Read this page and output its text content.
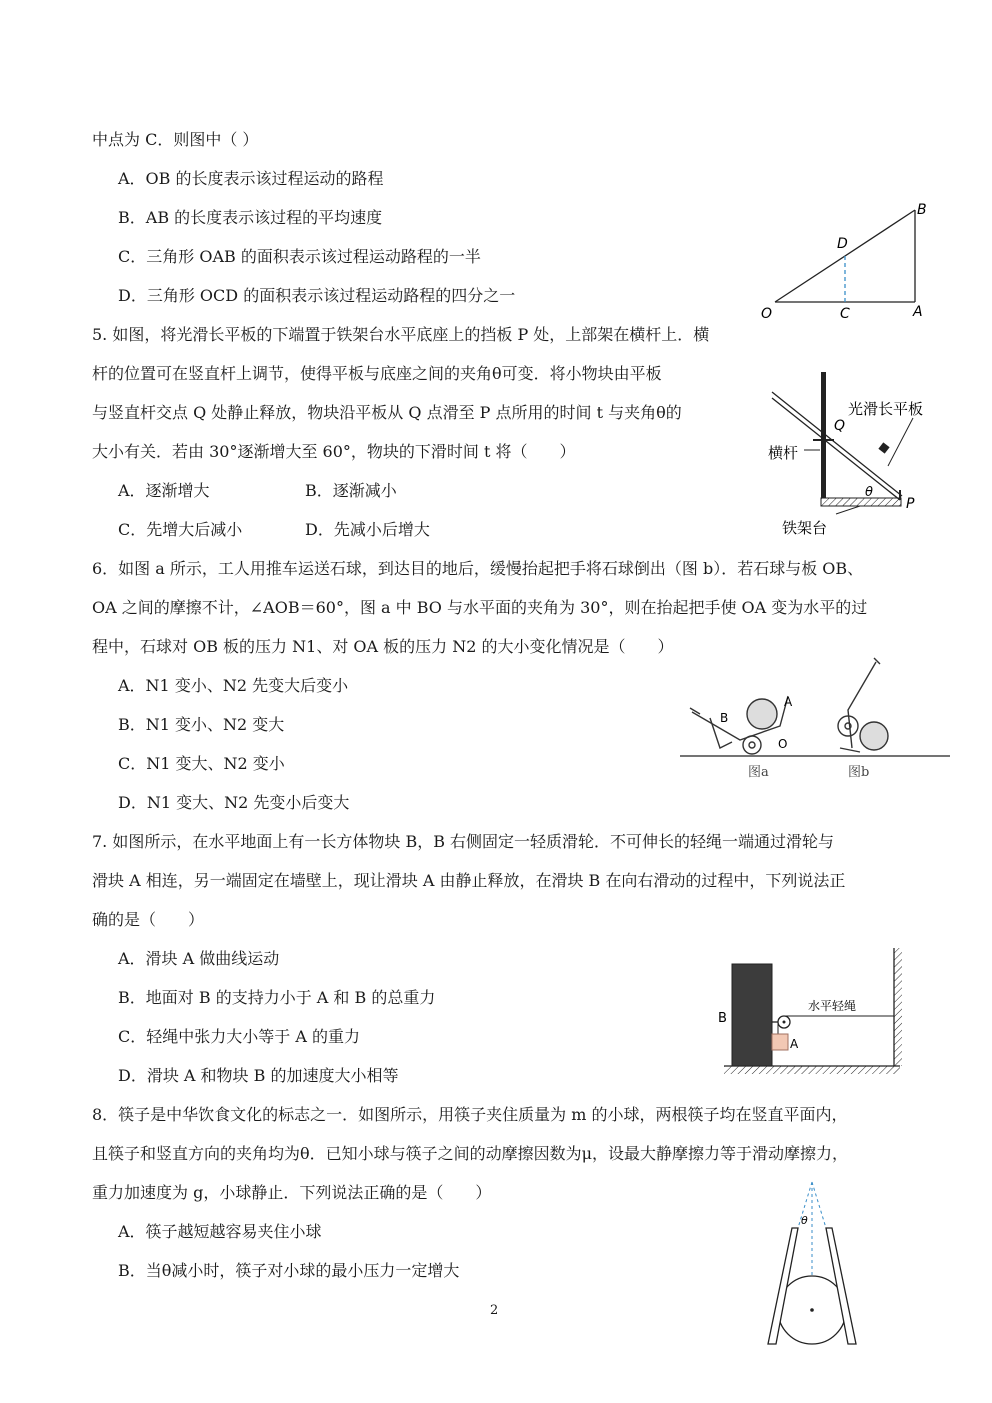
中点为 C．则图中（ ）
A．OB 的长度表示该过程运动的路程
B．AB 的长度表示该过程的平均速度
C．三角形 OAB 的面积表示该过程运动路程的一半
D．三角形 OCD 的面积表示该过程运动路程的四分之一
O	C	A
B
D
5. 如图，将光滑长平板的下端置于铁架台水平底座上的挡板 P 处，上部架在横杆上．横
杆的位置可在竖直杆上调节，使得平板与底座之间的夹角θ可变．将小物块由平板
与竖直杆交点 Q 处静止释放，物块沿平板从 Q 点滑至 P 点所用的时间 t 与夹角θ的
大小有关．若由 30°逐渐增大至 60°，物块的下滑时间 t 将（　　）
A．逐渐增大	B．逐渐减小
C．先增大后减小	D．先减小后增大
光滑长平板
横杆
铁架台
Q
P
θ
6．如图 a 所示，工人用推车运送石球，到达目的地后，缓慢抬起把手将石球倒出（图 b）．若石球与板 OB、
OA 之间的摩擦不计，∠AOB＝60°，图 a 中 BO 与水平面的夹角为 30°，则在抬起把手使 OA 变为水平的过
程中，石球对 OB 板的压力 N1、对 OA 板的压力 N2 的大小变化情况是（　　）
A．N1 变小、N2 先变大后变小
B．N1 变小、N2 变大
C．N1 变大、N2 变小
D．N1 变大、N2 先变小后变大
B
A
O
图a	图b
7. 如图所示，在水平地面上有一长方体物块 B，B 右侧固定一轻质滑轮．不可伸长的轻绳一端通过滑轮与
滑块 A 相连，另一端固定在墙壁上，现让滑块 A 由静止释放，在滑块 B 在向右滑动的过程中，下列说法正
确的是（　　）
A．滑块 A 做曲线运动
B．地面对 B 的支持力小于 A 和 B 的总重力
C．轻绳中张力大小等于 A 的重力
D．滑块 A 和物块 B 的加速度大小相等
B
A
水平轻绳
8．筷子是中华饮食文化的标志之一．如图所示，用筷子夹住质量为 m 的小球，两根筷子均在竖直平面内，
且筷子和竖直方向的夹角均为θ．已知小球与筷子之间的动摩擦因数为μ，设最大静摩擦力等于滑动摩擦力，
重力加速度为 g，小球静止．下列说法正确的是（　　）
A．筷子越短越容易夹住小球
B．当θ减小时，筷子对小球的最小压力一定增大
θ
2
